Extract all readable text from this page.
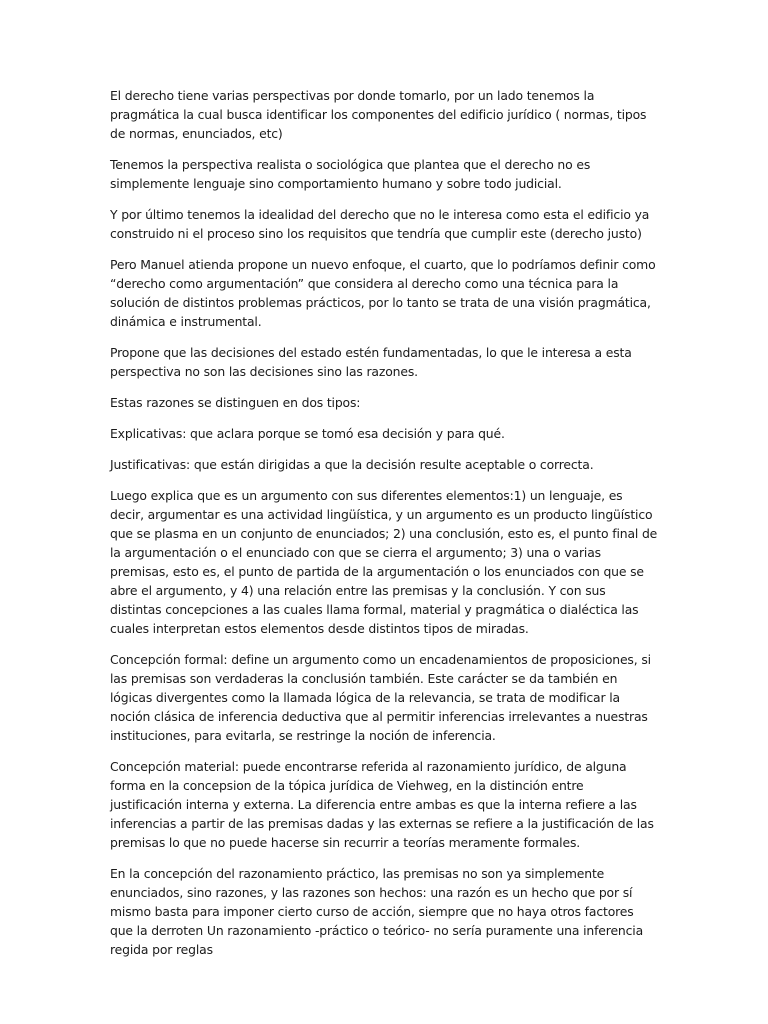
El derecho tiene varias perspectivas por donde tomarlo, por un lado tenemos la pragmática la cual busca identificar los componentes del edificio jurídico ( normas, tipos de normas, enunciados, etc)

Tenemos la perspectiva realista o sociológica que plantea que el derecho no es simplemente lenguaje sino comportamiento humano y sobre todo judicial.

Y por último tenemos la idealidad del derecho que no le interesa como esta el edificio ya construido ni el proceso sino los requisitos que tendría que cumplir este (derecho justo)

Pero Manuel atienda propone un nuevo enfoque, el cuarto, que lo podríamos definir como “derecho como argumentación” que considera al derecho como una técnica para la solución de distintos problemas prácticos, por lo tanto se trata de una visión pragmática, dinámica e instrumental.

Propone que las decisiones del estado estén fundamentadas, lo que le interesa a esta perspectiva no son las decisiones sino las razones.

Estas razones se distinguen en dos tipos:

Explicativas: que aclara porque se tomó esa decisión y para qué.

Justificativas: que están dirigidas a que la decisión resulte aceptable o correcta.

Luego explica que es un argumento con sus diferentes elementos:1) un lenguaje, es decir, argumentar es una actividad lingüística, y un argumento es un producto lingüístico que se plasma en un conjunto de enunciados; 2) una conclusión, esto es, el punto final de la argumentación o el enunciado con que se cierra el argumento; 3) una o varias premisas, esto es, el punto de partida de la argumentación o los enunciados con que se abre el argumento, y 4) una relación entre las premisas y la conclusión. Y con sus distintas concepciones a las cuales llama formal, material y pragmática o dialéctica las cuales interpretan estos elementos desde distintos tipos de miradas.

Concepción formal: define un argumento como un encadenamientos de proposiciones, si las premisas son verdaderas la conclusión también. Este carácter se da también en lógicas divergentes como la llamada lógica de la relevancia, se trata de modificar la noción clásica de inferencia deductiva que al permitir inferencias irrelevantes a nuestras instituciones, para evitarla, se restringe la noción de inferencia.

Concepción material: puede encontrarse referida al razonamiento jurídico, de alguna forma en la concepsion de la tópica jurídica de Viehweg, en la distinción entre justificación interna y externa. La diferencia entre ambas es que la interna refiere a las inferencias a partir de las premisas dadas y las externas se refiere a la justificación de las premisas lo que no puede hacerse sin recurrir a teorías meramente formales.

En la concepción del razonamiento práctico, las premisas no son ya simplemente enunciados, sino razones, y las razones son hechos: una razón es un hecho que por sí mismo basta para imponer cierto curso de acción, siempre que no haya otros factores que la derroten Un razonamiento -práctico o teórico- no sería puramente una inferencia regida por reglas
